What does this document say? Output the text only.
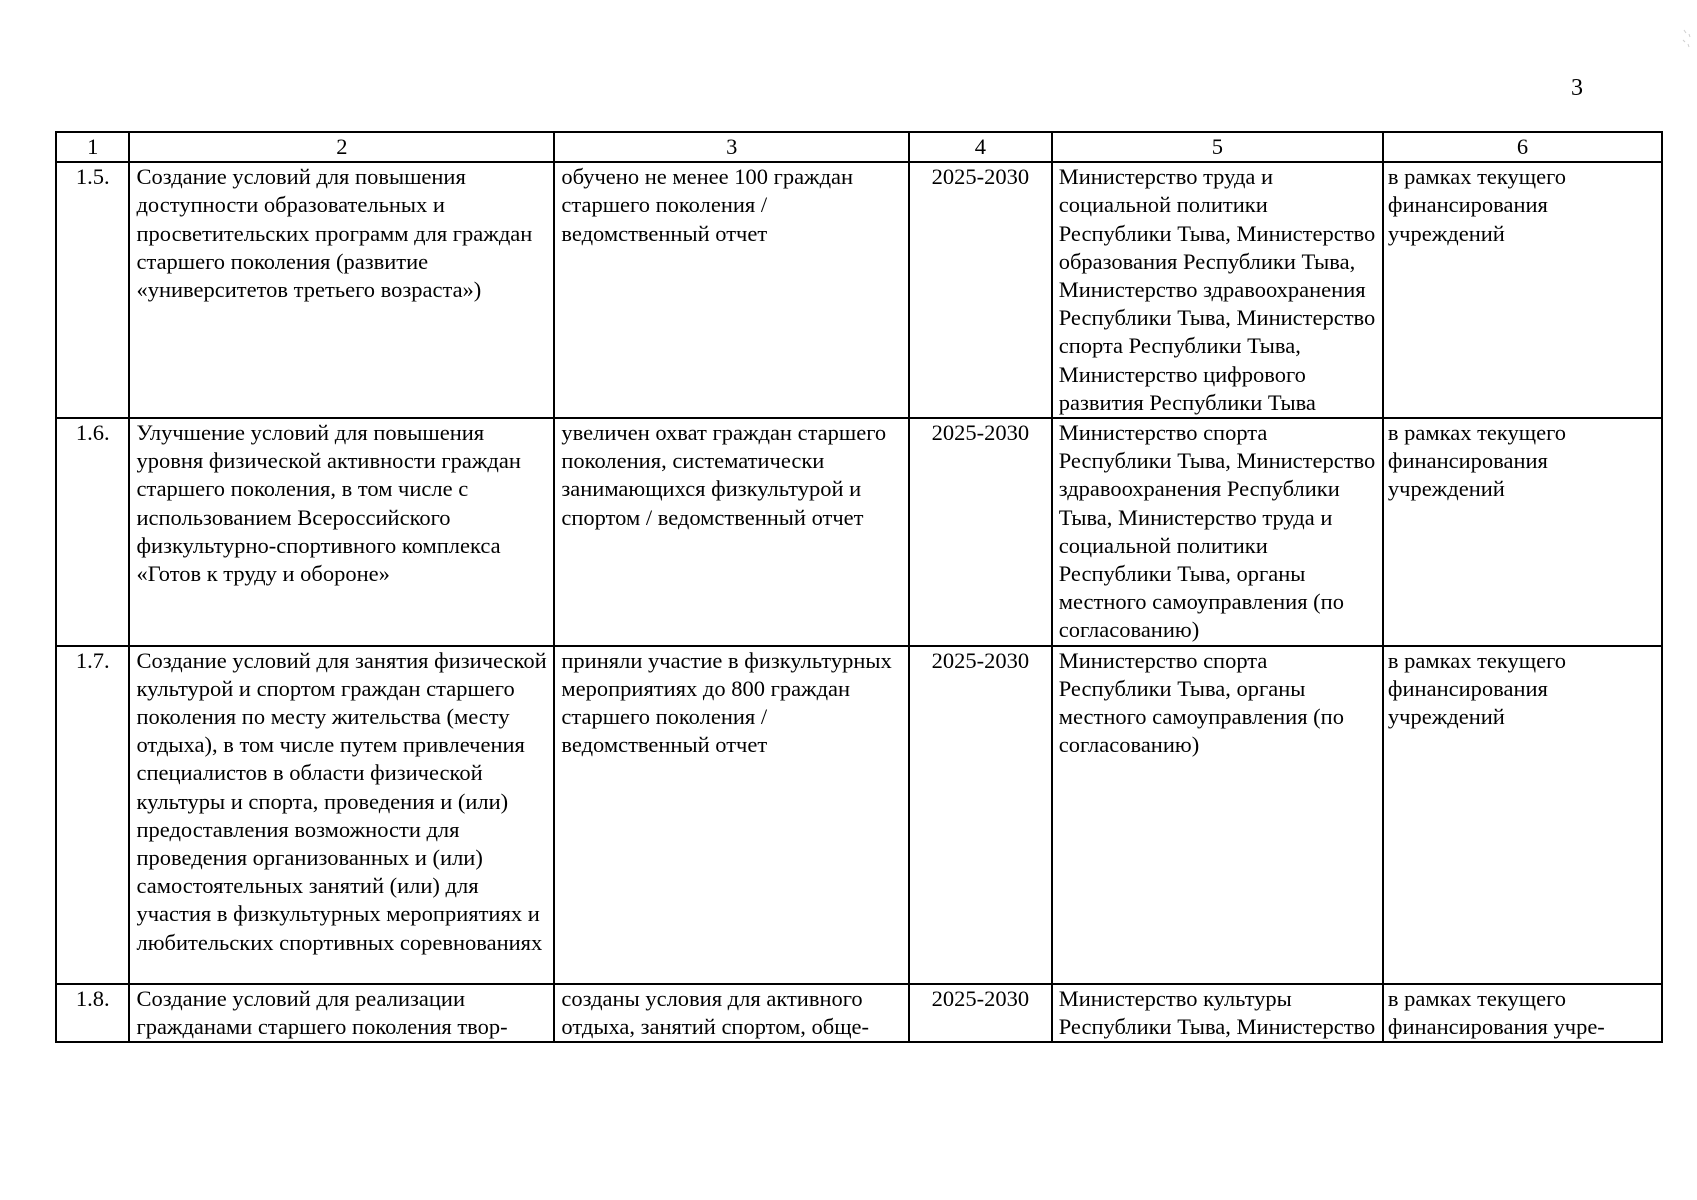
3
1	2	3	4	5	6
1.5.	Создание условий для повышения доступности образовательных и просветительских программ для граждан старшего поколения (развитие «университетов третьего возраста»)	обучено не менее 100 граждан старшего поколения / ведомственный отчет	2025-2030	Министерство труда и социальной политики Республики Тыва, Министерство образования Республики Тыва, Министерство здравоохранения Республики Тыва, Министерство спорта Республики Тыва, Министерство цифрового развития Республики Тыва	в рамках текущего финансирования учреждений
1.6.	Улучшение условий для повышения уровня физической активности граждан старшего поколения, в том числе с использованием Всероссийского физкультурно-спортивного комплекса «Готов к труду и обороне»	увеличен охват граждан старшего поколения, систематически занимающихся физкультурой и спортом / ведомственный отчет	2025-2030	Министерство спорта Республики Тыва, Министерство здравоохранения Республики Тыва, Министерство труда и социальной политики Республики Тыва, органы местного самоуправления (по согласованию)	в рамках текущего финансирования учреждений
1.7.	Создание условий для занятия физической культурой и спортом граждан старшего поколения по месту жительства (месту отдыха), в том числе путем привлечения специалистов в области физической культуры и спорта, проведения и (или) предоставления возможности для проведения организованных и (или) самостоятельных занятий (или) для участия в физкультурных мероприятиях и любительских спортивных соревнованиях	приняли участие в физкультурных мероприятиях до 800 граждан старшего поколения / ведомственный отчет	2025-2030	Министерство спорта Республики Тыва, органы местного самоуправления (по согласованию)	в рамках текущего финансирования учреждений

1.8.	Создание условий для реализации гражданами старшего поколения твор-	созданы условия для активного отдыха, занятий спортом, обще-	2025-2030	Министерство культуры Республики Тыва, Министерство	в рамках текущего финансирования учре-
